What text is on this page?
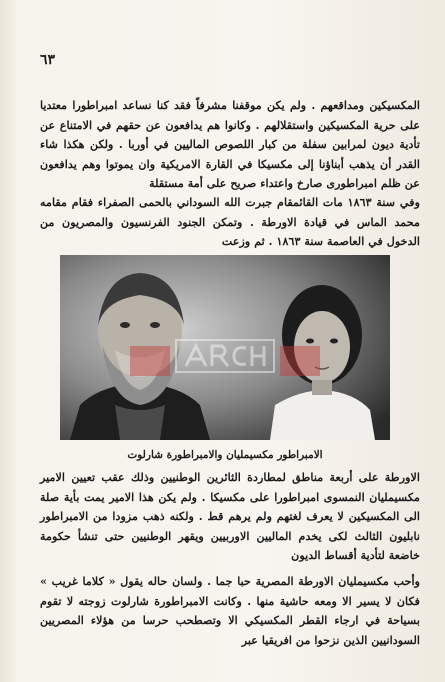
٦٣

المكسيكين ومداقعهم . ولم يكن موقفنا مشرفاً فقد كنا نساعد امبراطورا معتديا على حرية المكسيكين واستقلالهم . وكانوا هم يدافعون عن حقهم في الامتناع عن تأدية ديون لمرابين سفلة من كبار اللصوص الماليين في أوربا . ولكن هكذا شاء القدر أن يذهب أبناؤنا إلى مكسيكا في القارة الامريكية وان يموتوا وهم يدافعون عن ظلم امبراطورى صارخ واعتداء صريح على أمة مستقلة

وفي سنة ١٨٦٣ مات القائمقام جبرت الله السوداني بالحمى الصفراء فقام مقامه محمد الماس في قيادة الاورطة . وتمكن الجنود الفرنسيون والمصريون من الدخول في العاصمة سنة ١٨٦٣ . ثم وزعت

الامبراطور مكسيمليان والامبراطورة شارلوت

الاورطة على أربعة مناطق لمطاردة الثائرين الوطنيين وذلك عقب تعيين الامير مكسيمليان النمسوى امبراطورا على مكسيكا . ولم يكن هذا الامير يمت بأية صلة الى المكسيكين لا يعرف لغتهم ولم يرهم قط . ولكنه ذهب مزودا من الامبراطور نابليون الثالث لكى يخدم الماليين الاوربيين ويقهر الوطنيين حتى تنشأ حكومة خاضعة لتأدية أقساط الديون

وأحب مكسيمليان الاورطة المصرية حبا جما . ولسان حاله يقول « كلاما غريب » فكان لا يسير الا ومعه حاشية منها . وكانت الامبراطورة شارلوت زوجته لا تقوم بسياحة في ارجاء القطر المكسيكي الا وتصطحب حرسا من هؤلاء المصريين السودانيين الذين نزحوا من افريقيا عبر
